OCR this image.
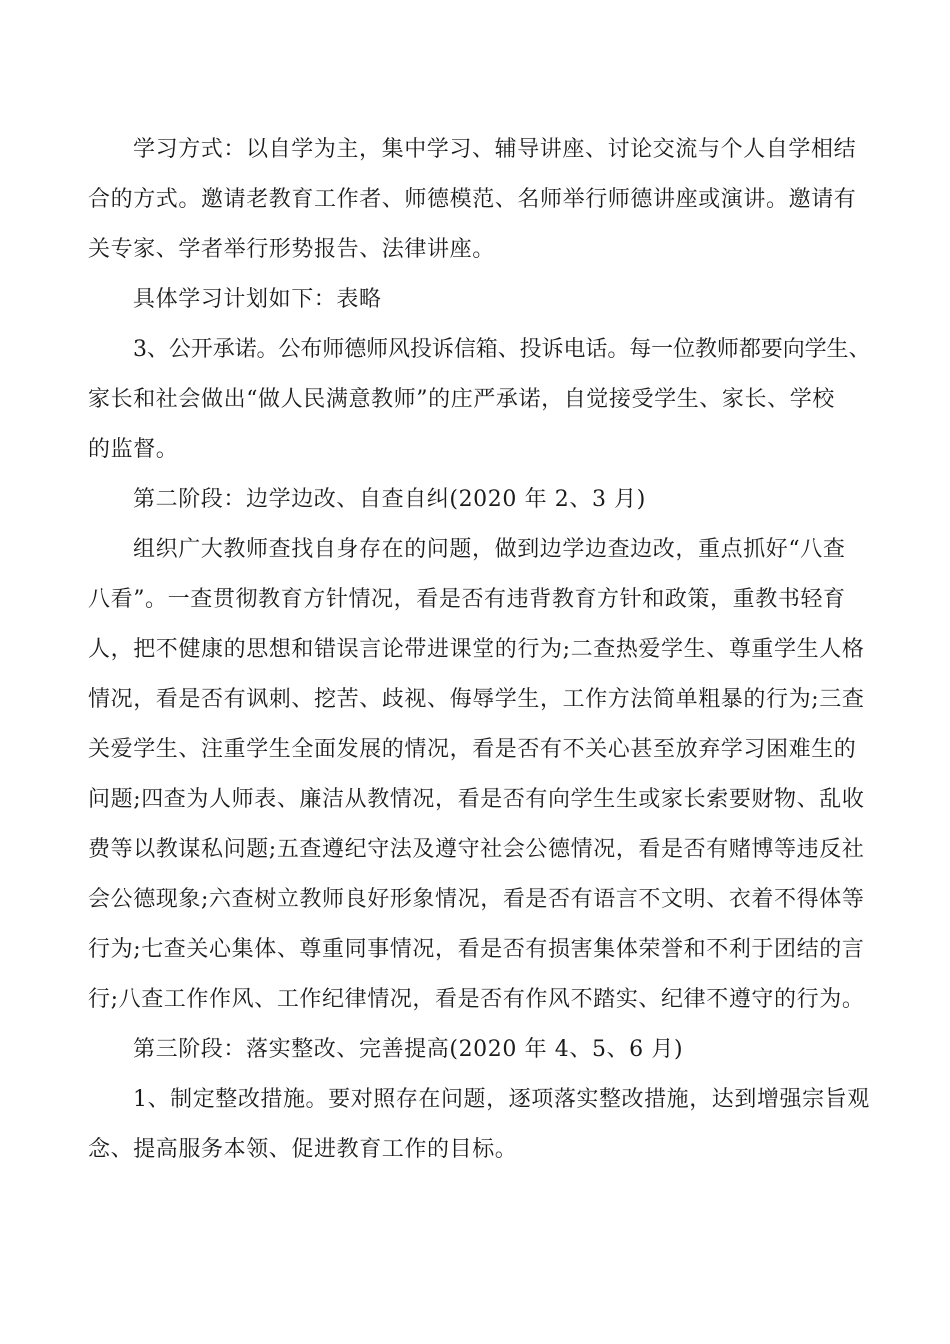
学习方式：以自学为主，集中学习、辅导讲座、讨论交流与个人自学相结
合的方式。邀请老教育工作者、师德模范、名师举行师德讲座或演讲。邀请有
关专家、学者举行形势报告、法律讲座。
具体学习计划如下：表略
3、公开承诺。公布师德师风投诉信箱、投诉电话。每一位教师都要向学生、
家长和社会做出“做人民满意教师”的庄严承诺，自觉接受学生、家长、学校
的监督。
第二阶段：边学边改、自查自纠(2020 年 2、3 月)
组织广大教师查找自身存在的问题，做到边学边查边改，重点抓好“八查
八看”。一查贯彻教育方针情况，看是否有违背教育方针和政策，重教书轻育
人，把不健康的思想和错误言论带进课堂的行为;二查热爱学生、尊重学生人格
情况，看是否有讽刺、挖苦、歧视、侮辱学生，工作方法简单粗暴的行为;三查
关爱学生、注重学生全面发展的情况，看是否有不关心甚至放弃学习困难生的
问题;四查为人师表、廉洁从教情况，看是否有向学生生或家长索要财物、乱收
费等以教谋私问题;五查遵纪守法及遵守社会公德情况，看是否有赌博等违反社
会公德现象;六查树立教师良好形象情况，看是否有语言不文明、衣着不得体等
行为;七查关心集体、尊重同事情况，看是否有损害集体荣誉和不利于团结的言
行;八查工作作风、工作纪律情况，看是否有作风不踏实、纪律不遵守的行为。
第三阶段：落实整改、完善提高(2020 年 4、5、6 月)
1、制定整改措施。要对照存在问题，逐项落实整改措施，达到增强宗旨观
念、提高服务本领、促进教育工作的目标。
